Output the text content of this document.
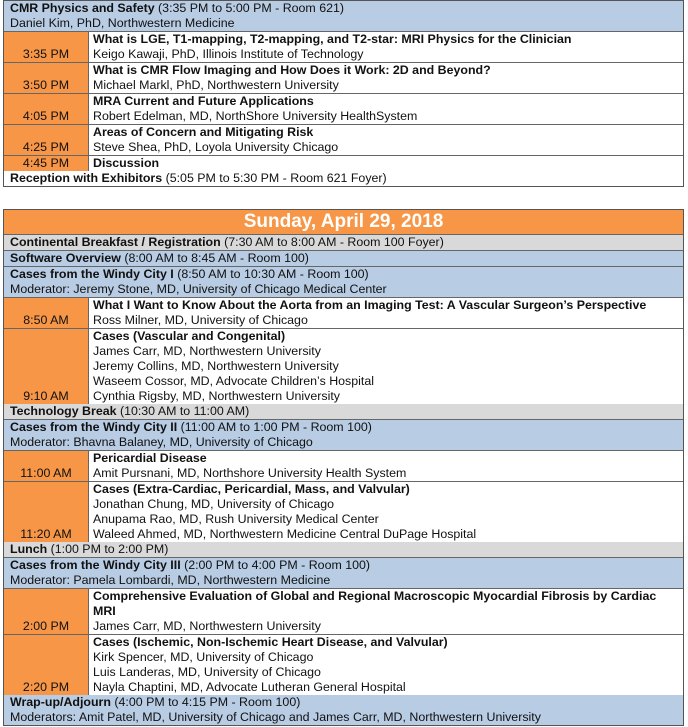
CMR Physics and Safety (3:35 PM to 5:00 PM - Room 621)
Daniel Kim, PhD, Northwestern Medicine
3:35 PM
What is LGE, T1-mapping, T2-mapping, and T2-star: MRI Physics for the Clinician
Keigo Kawaji, PhD, Illinois Institute of Technology
3:50 PM
What is CMR Flow Imaging and How Does it Work: 2D and Beyond?
Michael Markl, PhD, Northwestern University
4:05 PM
MRA Current and Future Applications
Robert Edelman, MD, NorthShore University HealthSystem
4:25 PM
Areas of Concern and Mitigating Risk
Steve Shea, PhD, Loyola University Chicago
4:45 PM	Discussion
Reception with Exhibitors (5:05 PM to 5:30 PM - Room 621 Foyer)
Sunday, April 29, 2018
Continental Breakfast / Registration (7:30 AM to 8:00 AM - Room 100 Foyer)
Software Overview (8:00 AM to 8:45 AM - Room 100)
Cases from the Windy City I (8:50 AM to 10:30 AM - Room 100)
Moderator: Jeremy Stone, MD, University of Chicago Medical Center
8:50 AM
What I Want to Know About the Aorta from an Imaging Test: A Vascular Surgeon’s Perspective
Ross Milner, MD, University of Chicago
9:10 AM
Cases (Vascular and Congenital)
James Carr, MD, Northwestern University
Jeremy Collins, MD, Northwestern University
Waseem Cossor, MD, Advocate Children’s Hospital
Cynthia Rigsby, MD, Northwestern University
Technology Break (10:30 AM to 11:00 AM)
Cases from the Windy City II (11:00 AM to 1:00 PM - Room 100)
Moderator: Bhavna Balaney, MD, University of Chicago
11:00 AM
Pericardial Disease
Amit Pursnani, MD, Northshore University Health System
11:20 AM
Cases (Extra-Cardiac, Pericardial, Mass, and Valvular)
Jonathan Chung, MD, University of Chicago
Anupama Rao, MD, Rush University Medical Center
Waleed Ahmed, MD, Northwestern Medicine Central DuPage Hospital
Lunch (1:00 PM to 2:00 PM)
Cases from the Windy City III (2:00 PM to 4:00 PM - Room 100)
Moderator: Pamela Lombardi, MD, Northwestern Medicine
2:00 PM
Comprehensive Evaluation of Global and Regional Macroscopic Myocardial Fibrosis by Cardiac MRI
James Carr, MD, Northwestern University
2:20 PM
Cases (Ischemic, Non-Ischemic Heart Disease, and Valvular)
Kirk Spencer, MD, University of Chicago
Luis Landeras, MD, University of Chicago
Nayla Chaptini, MD, Advocate Lutheran General Hospital
Wrap-up/Adjourn (4:00 PM to 4:15 PM - Room 100)
Moderators: Amit Patel, MD, University of Chicago and James Carr, MD, Northwestern University
